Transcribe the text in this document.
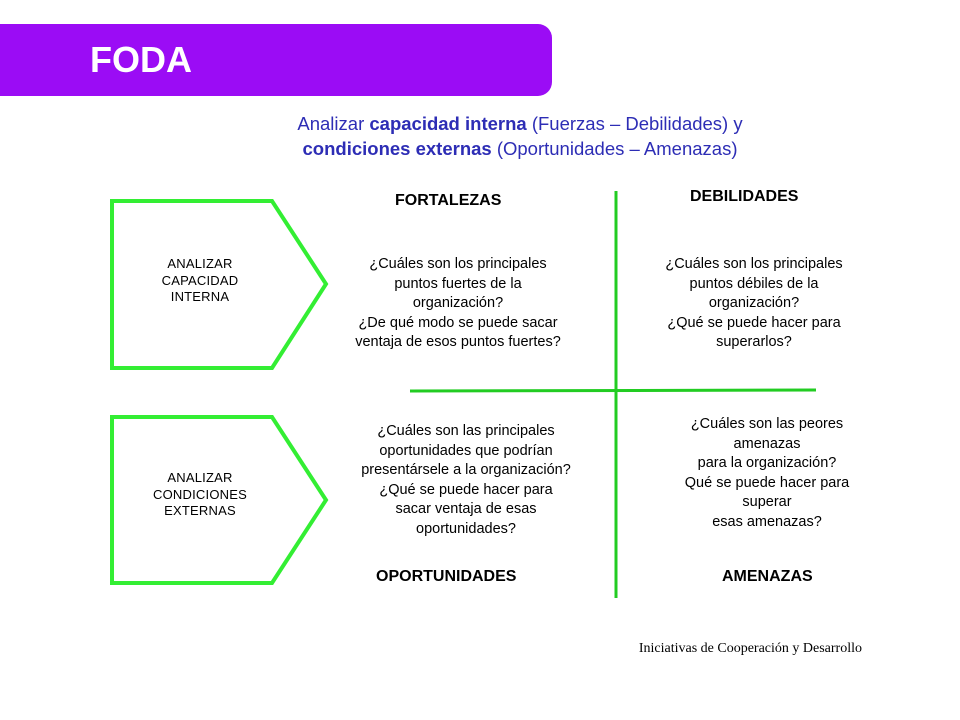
FODA
Analizar capacidad interna (Fuerzas – Debilidades) y
condiciones externas (Oportunidades – Amenazas)
ANALIZAR
CAPACIDAD
INTERNA
ANALIZAR
CONDICIONES
EXTERNAS
FORTALEZAS	DEBILIDADES
OPORTUNIDADES	AMENAZAS
¿Cuáles son los principales
puntos fuertes de la
organización?
¿De qué modo se puede sacar
ventaja de esos puntos fuertes?
¿Cuáles son los principales
puntos débiles de la
organización?
¿Qué se puede hacer para
superarlos?
¿Cuáles son las principales
oportunidades que podrían
presentársele a la organización?
¿Qué se puede hacer para
sacar ventaja de esas
oportunidades?
¿Cuáles son las peores
amenazas
para la organización?
Qué se puede hacer para
superar
esas amenazas?
Iniciativas de Cooperación y Desarrollo
